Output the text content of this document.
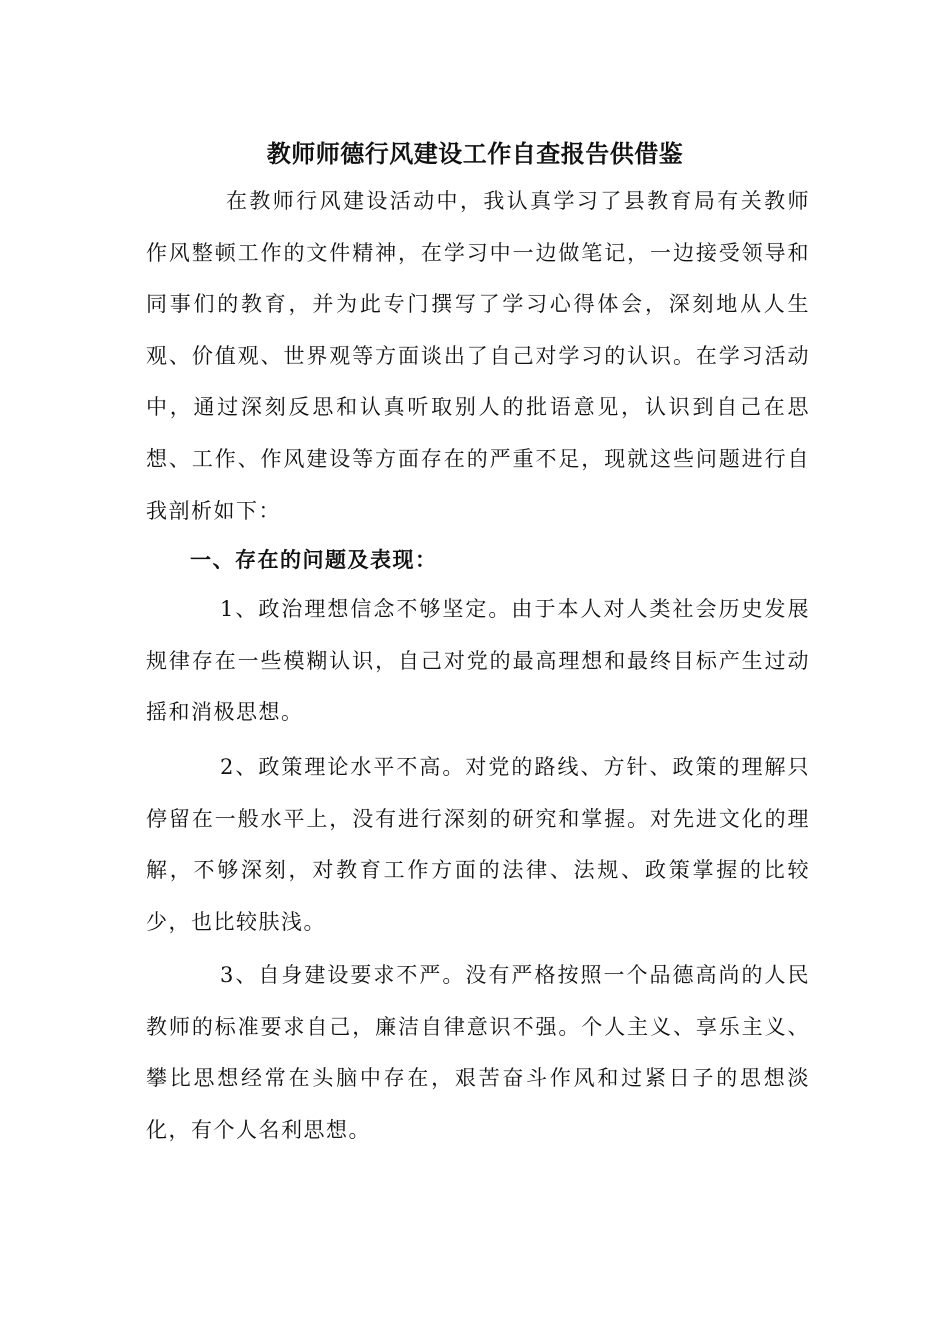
教师师德行风建设工作自查报告供借鉴

在教师行风建设活动中，我认真学习了县教育局有关教师作风整顿工作的文件精神，在学习中一边做笔记，一边接受领导和同事们的教育，并为此专门撰写了学习心得体会，深刻地从人生观、价值观、世界观等方面谈出了自己对学习的认识。在学习活动中，通过深刻反思和认真听取别人的批语意见，认识到自己在思想、工作、作风建设等方面存在的严重不足，现就这些问题进行自我剖析如下：

一、存在的问题及表现：

1、政治理想信念不够坚定。由于本人对人类社会历史发展规律存在一些模糊认识，自己对党的最高理想和最终目标产生过动摇和消极思想。

2、政策理论水平不高。对党的路线、方针、政策的理解只停留在一般水平上，没有进行深刻的研究和掌握。对先进文化的理解，不够深刻，对教育工作方面的法律、法规、政策掌握的比较少，也比较肤浅。

3、自身建设要求不严。没有严格按照一个品德高尚的人民教师的标准要求自己，廉洁自律意识不强。个人主义、享乐主义、攀比思想经常在头脑中存在，艰苦奋斗作风和过紧日子的思想淡化，有个人名利思想。
